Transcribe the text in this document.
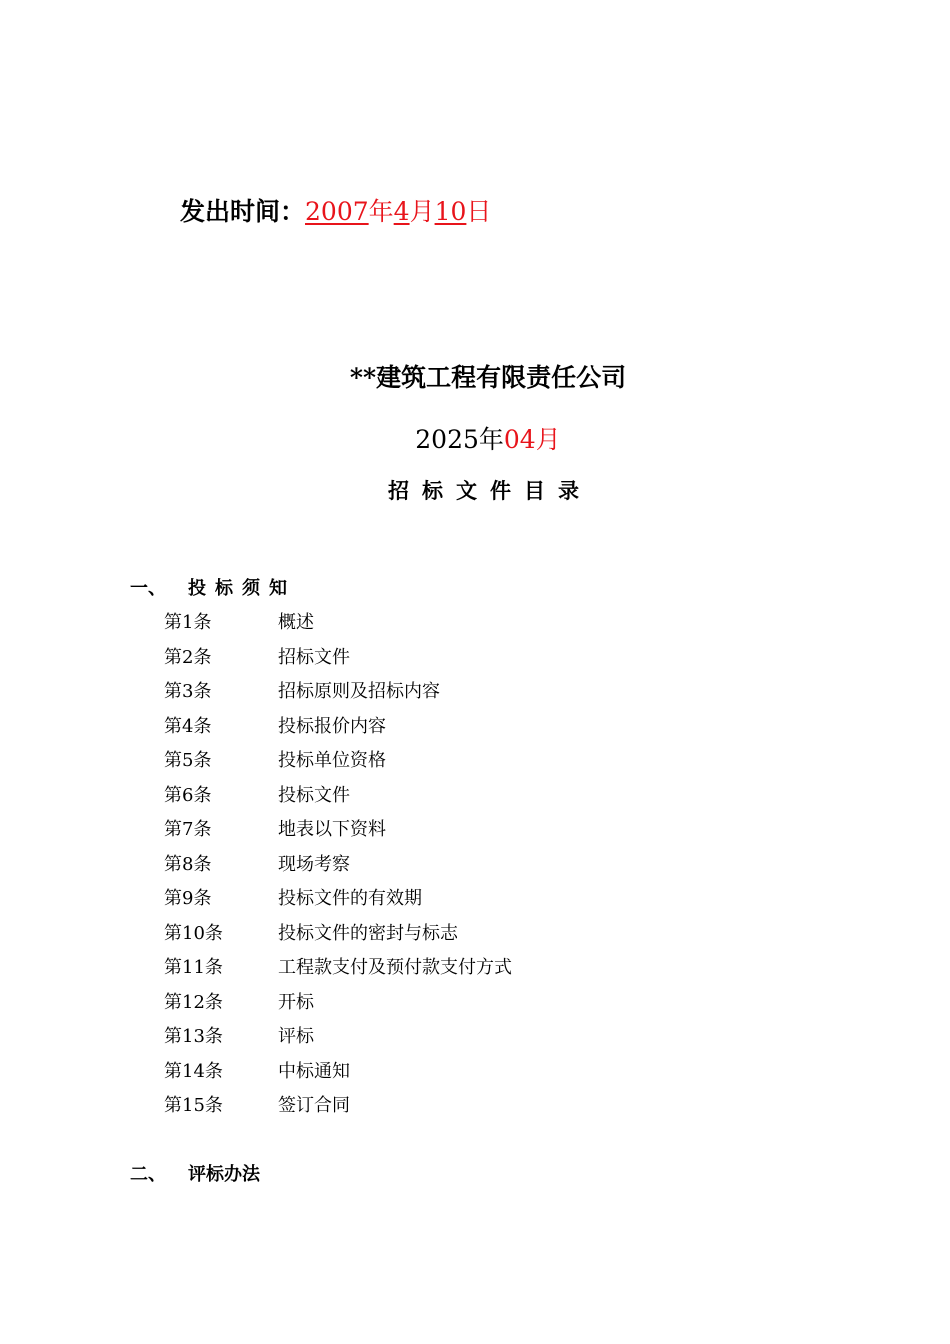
发出时间：2007年4月10日
**建筑工程有限责任公司
2025年04月
招标文件目录
一、 投标须知
第1条	概述
第2条	招标文件
第3条	招标原则及招标内容
第4条	投标报价内容
第5条	投标单位资格
第6条	投标文件
第7条	地表以下资料
第8条	现场考察
第9条	投标文件的有效期
第10条	投标文件的密封与标志
第11条	工程款支付及预付款支付方式
第12条	开标
第13条	评标
第14条	中标通知
第15条	签订合同
二、 评标办法
